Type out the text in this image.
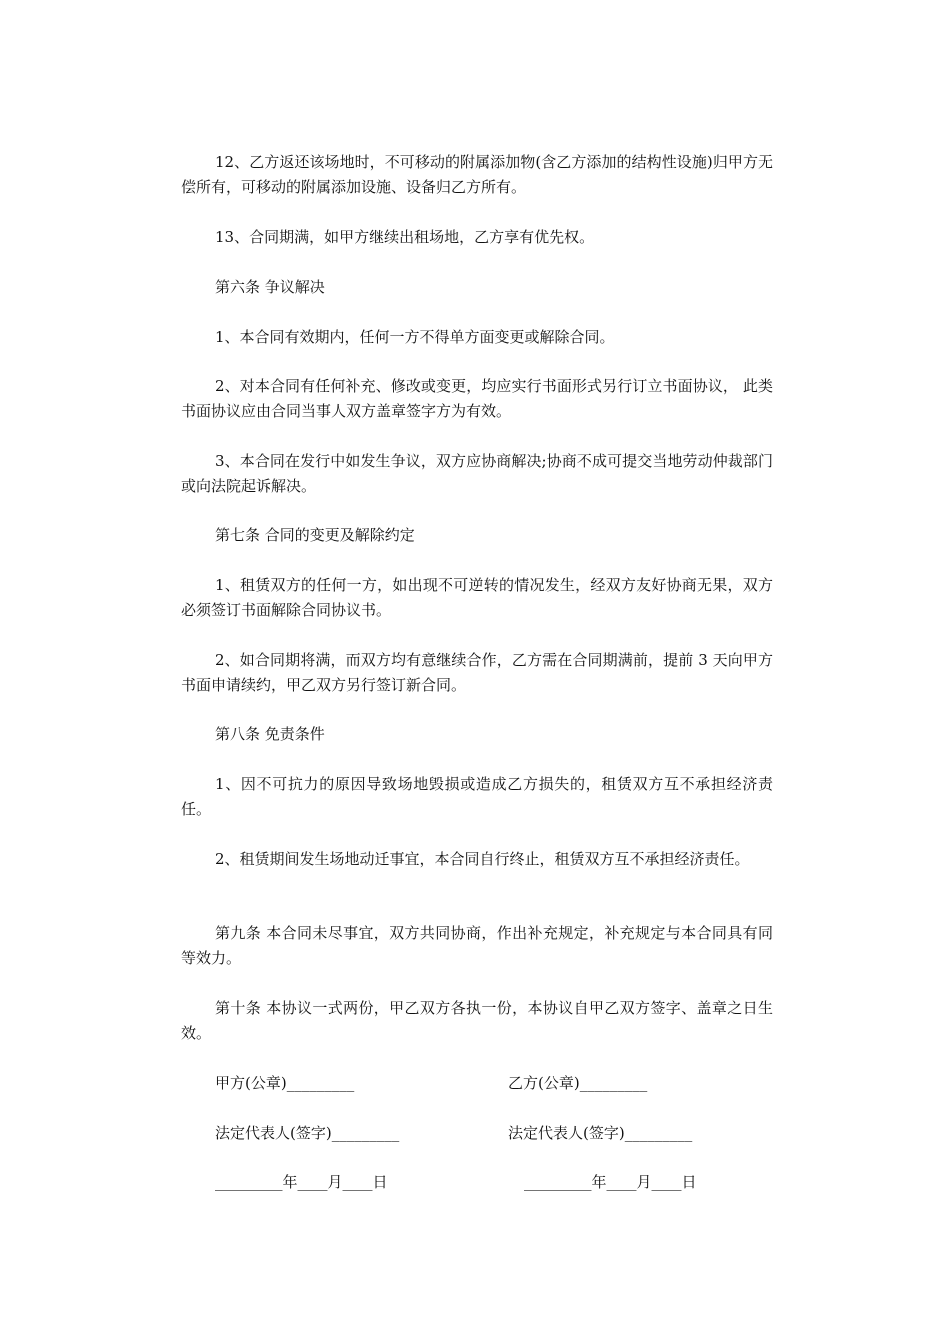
12、乙方返还该场地时，不可移动的附属添加物(含乙方添加的结构性设施)归甲方无偿所有，可移动的附属添加设施、设备归乙方所有。

13、合同期满，如甲方继续出租场地，乙方享有优先权。

第六条 争议解决

1、本合同有效期内，任何一方不得单方面变更或解除合同。

2、对本合同有任何补充、修改或变更，均应实行书面形式另行订立书面协议， 此类书面协议应由合同当事人双方盖章签字方为有效。

3、本合同在发行中如发生争议，双方应协商解决;协商不成可提交当地劳动仲裁部门或向法院起诉解决。

第七条 合同的变更及解除约定

1、租赁双方的任何一方，如出现不可逆转的情况发生，经双方友好协商无果，双方必须签订书面解除合同协议书。

2、如合同期将满，而双方均有意继续合作，乙方需在合同期满前，提前 3 天向甲方书面申请续约，甲乙双方另行签订新合同。

第八条 免责条件

1、因不可抗力的原因导致场地毁损或造成乙方损失的，租赁双方互不承担经济责任。

2、租赁期间发生场地动迁事宜，本合同自行终止，租赁双方互不承担经济责任。

第九条 本合同未尽事宜，双方共同协商，作出补充规定，补充规定与本合同具有同等效力。

第十条 本协议一式两份，甲乙双方各执一份，本协议自甲乙双方签字、盖章之日生效。

甲方(公章)_________	乙方(公章)_________
法定代表人(签字)_________	法定代表人(签字)_________
_________年____月____日	_________年____月____日
